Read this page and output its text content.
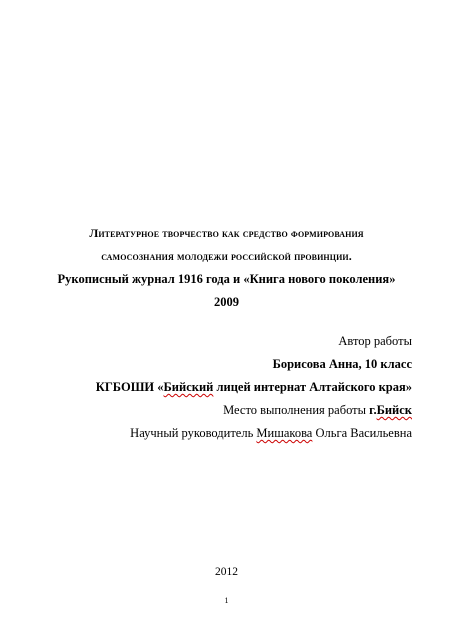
Литературное творчество как средство формирования
самосознания молодежи российской провинции.
Рукописный журнал 1916 года и «Книга нового поколения»
2009
Автор работы
Борисова Анна, 10 класс
КГБОШИ «Бийский лицей интернат Алтайского края»
Место выполнения работы г.Бийск
Научный руководитель Мишакова Ольга Васильевна
2012
1
